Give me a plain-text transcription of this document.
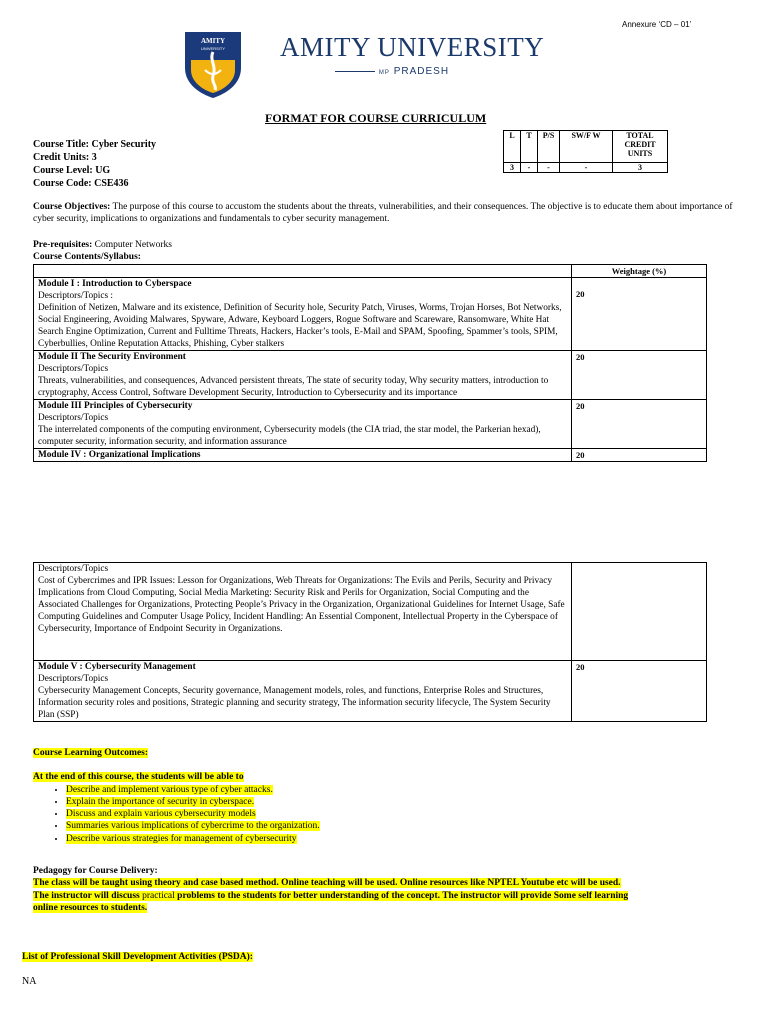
Annexure ‘CD – 01’
AMITY
UNIVERSITY AMITY UNIVERSITY
MP PRADESH
FORMAT FOR COURSE CURRICULUM
Course Title: Cyber Security
Credit Units: 3
Course Level: UG
Course Code: CSE436
L	T	P/S	SW/F W	TOTAL CREDIT UNITS
3	-	-	-	3
Course Objectives: The purpose of this course to accustom the students about the threats, vulnerabilities, and their consequences. The objective is to educate them about importance of cyber security, implications to organizations and fundamentals to cyber security management.
Pre-requisites: Computer Networks
Course Contents/Syllabus:
	Weightage (%)

Module I : Introduction to Cyberspace
Descriptors/Topics :
Definition of Netizen, Malware and its existence, Definition of Security hole, Security Patch, Viruses, Worms, Trojan Horses, Bot Networks, Social Engineering, Avoiding Malwares, Spyware, Adware, Keyboard Loggers, Rogue Software and Scareware, Ransomware, White Hat Search Engine Optimization, Current and Fulltime Threats, Hackers, Hacker’s tools, E-Mail and SPAM, Spoofing, Spammer’s tools, SPIM, Cyberbullies, Online Reputation Attacks, Phishing, Cyber stalkers	20

Module II The Security Environment
Descriptors/Topics
Threats, vulnerabilities, and consequences, Advanced persistent threats, The state of security today, Why security matters, introduction to cryptography, Access Control, Software Development Security, Introduction to Cybersecurity and its importance	20

Module III Principles of Cybersecurity
Descriptors/Topics
The interrelated components of the computing environment, Cybersecurity models (the CIA triad, the star model, the Parkerian hexad), computer security, information security, and information assurance	20

Module IV : Organizational Implications	20
Descriptors/Topics
Cost of Cybercrimes and IPR Issues: Lesson for Organizations, Web Threats for Organizations: The Evils and Perils, Security and Privacy Implications from Cloud Computing, Social Media Marketing: Security Risk and Perils for Organization, Social Computing and the Associated Challenges for Organizations, Protecting People’s Privacy in the Organization, Organizational Guidelines for Internet Usage, Safe Computing Guidelines and Computer Usage Policy, Incident Handling: An Essential Component, Intellectual Property in the Cyberspace of Cybersecurity, Importance of Endpoint Security in Organizations.	

Module V : Cybersecurity Management
Descriptors/Topics
Cybersecurity Management Concepts, Security governance, Management models, roles, and functions, Enterprise Roles and Structures, Information security roles and positions, Strategic planning and security strategy, The information security lifecycle, The System Security Plan (SSP)	20
Course Learning Outcomes:
At the end of this course, the students will be able to
• Describe and implement various type of cyber attacks.
• Explain the importance of security in cyberspace.
• Discuss and explain various cybersecurity models
• Summaries various implications of cybercrime to the organization.
• Describe various strategies for management of cybersecurity
Pedagogy for Course Delivery:
The class will be taught using theory and case based method. Online teaching will be used. Online resources like NPTEL Youtube etc will be used.
The instructor will discuss practical problems to the students for better understanding of the concept. The instructor will provide Some self learning
online resources to students.
List of Professional Skill Development Activities (PSDA):
NA
